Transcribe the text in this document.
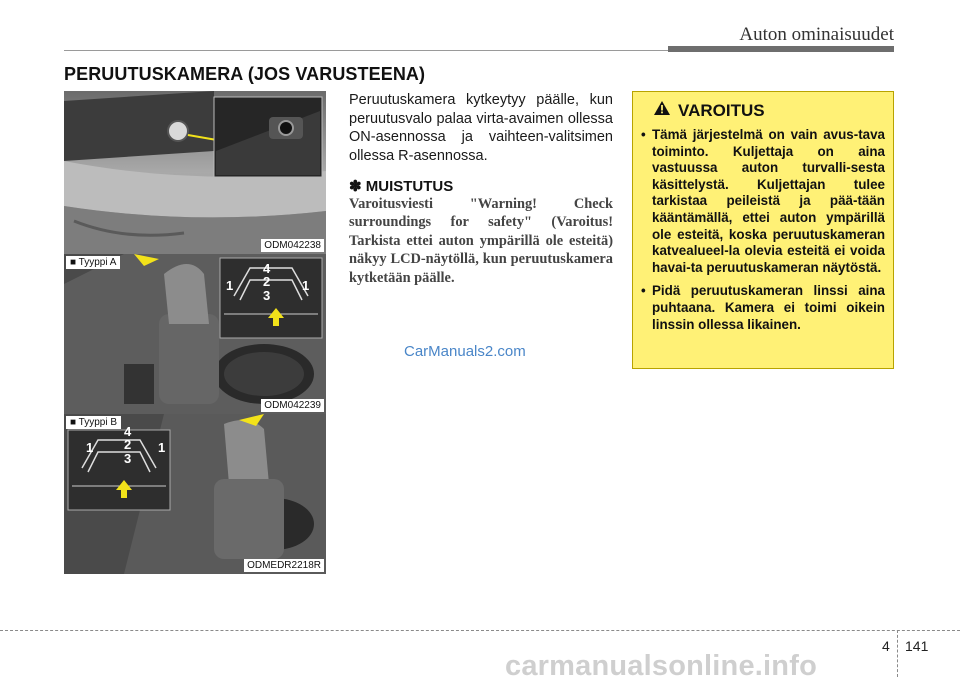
Auton ominaisuudet
PERUUTUSKAMERA (JOS VARUSTEENA)
ODM042238
■ Tyyppi A	4
2
3
1	1
ODM042239
■ Tyyppi B
4
2
3
1	1
ODMEDR2218R
Peruutuskamera kytkeytyy päälle, kun peruutusvalo palaa virta-avaimen ollessa ON-asennossa ja vaihteen-valitsimen ollessa R-asennossa.
✽ MUISTUTUS
Varoitusviesti "Warning! Check surroundings for safety" (Varoitus! Tarkista ettei auton ympärillä ole esteitä) näkyy LCD-näytöllä, kun peruutuskamera kytketään päälle.
VAROITUS
• Tämä järjestelmä on vain avus-tava toiminto. Kuljettaja on aina vastuussa auton turvalli-sesta käsittelystä. Kuljettajan tulee tarkistaa peileistä ja pää-tään kääntämällä, ettei auton ympärillä ole esteitä, koska peruutuskameran katvealueel-la olevia esteitä ei voida havai-ta peruutuskameran näytöstä.
• Pidä peruutuskameran linssi aina puhtaana. Kamera ei toimi oikein linssin ollessa likainen.
CarManuals2.com
4 141
carmanualsonline.info
